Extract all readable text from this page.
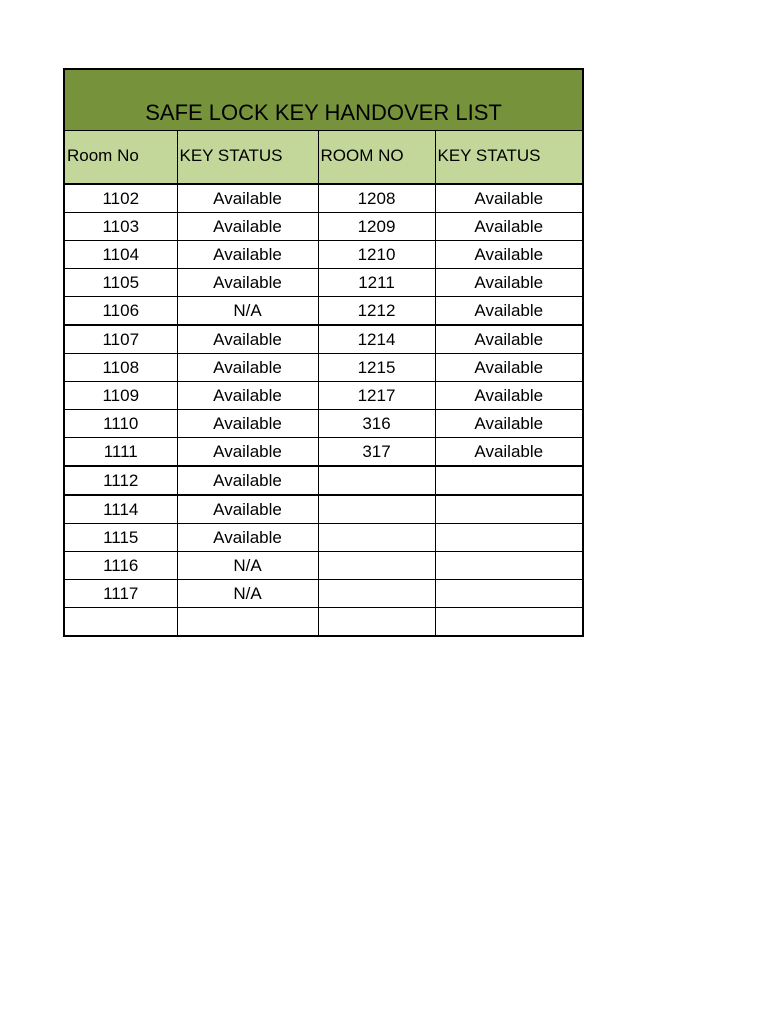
SAFE LOCK KEY HANDOVER LIST			
Room No	KEY STATUS	ROOM NO	KEY STATUS
1102	Available	1208	Available
1103	Available	1209	Available
1104	Available	1210	Available
1105	Available	1211	Available
1106	N/A	1212	Available
1107	Available	1214	Available
1108	Available	1215	Available
1109	Available	1217	Available
1110	Available	316	Available
1111	Available	317	Available
1112	Available		
1114	Available		
1115	Available		
1116	N/A		
1117	N/A		
